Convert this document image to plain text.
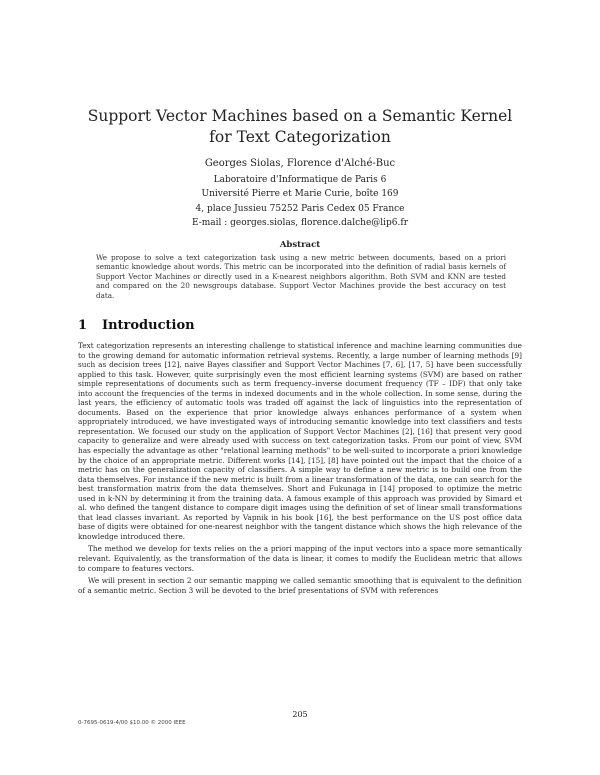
Support Vector Machines based on a Semantic Kernel
for Text Categorization
Georges Siolas, Florence d'Alché-Buc
Laboratoire d'Informatique de Paris 6
Université Pierre et Marie Curie, boîte 169
4, place Jussieu 75252 Paris Cedex 05 France
E-mail : georges.siolas, florence.dalche@lip6.fr
Abstract
We propose to solve a text categorization task using a new metric between documents, based on a priori semantic knowledge about words. This metric can be incorporated into the definition of radial basis kernels of Support Vector Machines or directly used in a K-nearest neighbors algorithm. Both SVM and KNN are tested and compared on the 20 newsgroups database. Support Vector Machines provide the best accuracy on test data.
1 Introduction

Text categorization represents an interesting challenge to statistical inference and machine learning communities due to the growing demand for automatic information retrieval systems. Recently, a large number of learning methods [9] such as decision trees [12], naive Bayes classifier and Support Vector Machines [7, 6], [17, 5] have been successfully applied to this task. However, quite surprisingly even the most efficient learning systems (SVM) are based on rather simple representations of documents such as term frequency–inverse document frequency (TF – IDF) that only take into account the frequencies of the terms in indexed documents and in the whole collection. In some sense, during the last years, the efficiency of automatic tools was traded off against the lack of linguistics into the representation of documents. Based on the experience that prior knowledge always enhances performance of a system when appropriately introduced, we have investigated ways of introducing semantic knowledge into text classifiers and tests representation. We focused our study on the application of Support Vector Machines [2], [16] that present very good capacity to generalize and were already used with success on text categorization tasks. From our point of view, SVM has especially the advantage as other "relational learning methods" to be well-suited to incorporate a priori knowledge by the choice of an appropriate metric. Different works [14], [15], [8] have pointed out the impact that the choice of a metric has on the generalization capacity of classifiers. A simple way to define a new metric is to build one from the data themselves. For instance if the new metric is built from a linear transformation of the data, one can search for the best transformation matrix from the data themselves. Short and Fukunaga in [14] proposed to optimize the metric used in k-NN by determining it from the training data. A famous example of this approach was provided by Simard et al. who defined the tangent distance to compare digit images using the definition of set of linear small transformations that lead classes invariant. As reported by Vapnik in his book [16], the best performance on the US post office data base of digits were obtained for one-nearest neighbor with the tangent distance which shows the high relevance of the knowledge introduced there.

The method we develop for texts relies on the a priori mapping of the input vectors into a space more semantically relevant. Equivalently, as the transformation of the data is linear, it comes to modify the Euclidean metric that allows to compare to features vectors.

We will present in section 2 our semantic mapping we called semantic smoothing that is equivalent to the definition of a semantic metric. Section 3 will be devoted to the brief presentations of SVM with references

205
0-7695-0619-4/00 $10.00 © 2000 IEEE
